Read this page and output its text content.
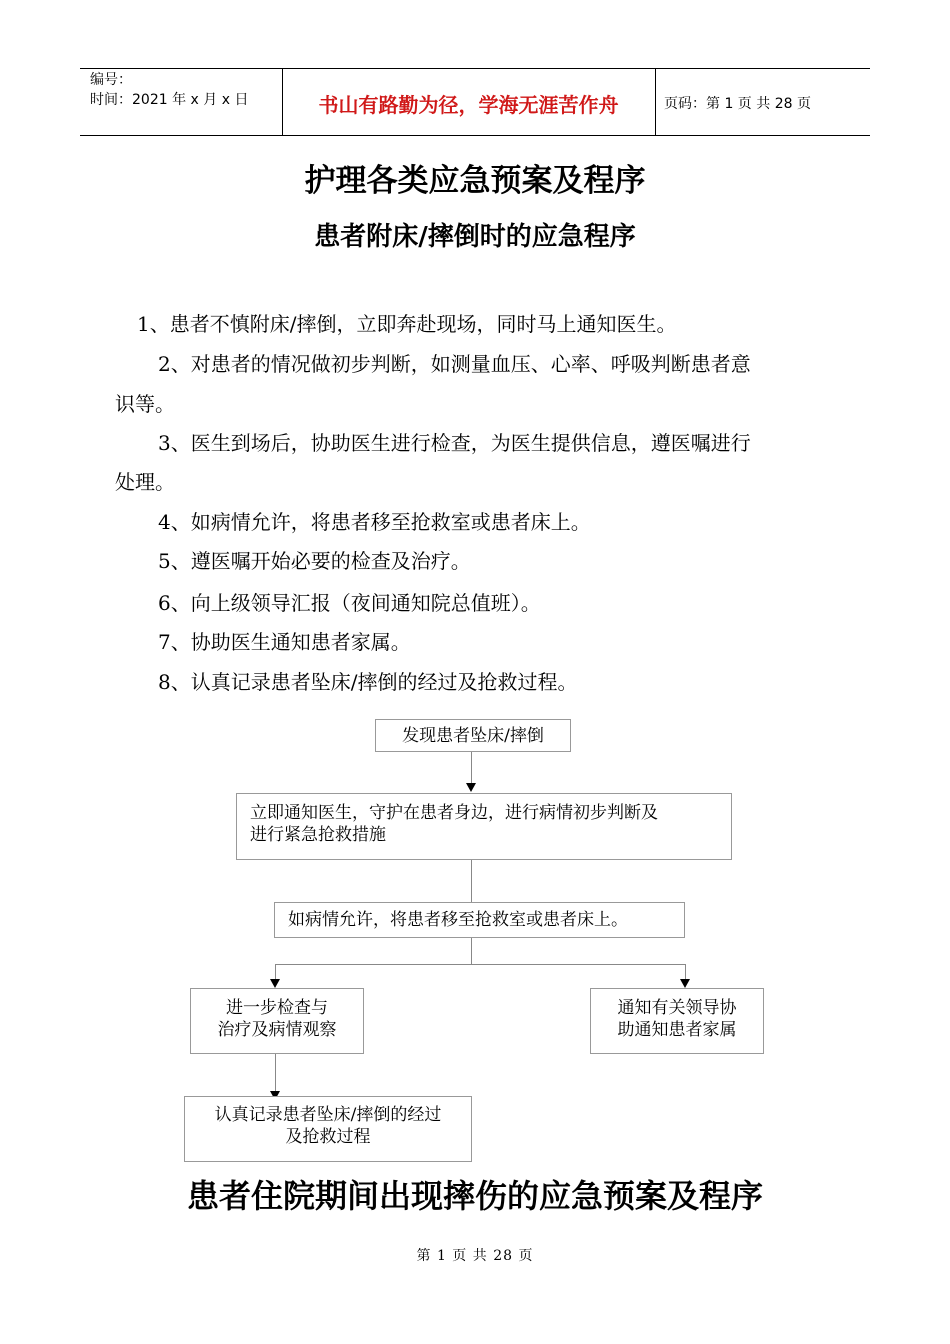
编号：
时间：2021 年 x 月 x 日	书山有路勤为径，学海无涯苦作舟	页码：第 1 页 共 28 页
护理各类应急预案及程序
患者附床/摔倒时的应急程序
1、患者不慎附床/摔倒，立即奔赴现场，同时马上通知医生。
2、对患者的情况做初步判断，如测量血压、心率、呼吸判断患者意
识等。
3、医生到场后，协助医生进行检查，为医生提供信息，遵医嘱进行
处理。
4、如病情允许，将患者移至抢救室或患者床上。
5、遵医嘱开始必要的检查及治疗。
6、向上级领导汇报（夜间通知院总值班）。
7、协助医生通知患者家属。
8、认真记录患者坠床/摔倒的经过及抢救过程。
发现患者坠床/摔倒
立即通知医生，守护在患者身边，进行病情初步判断及
进行紧急抢救措施
如病情允许，将患者移至抢救室或患者床上。
进一步检查与
治疗及病情观察
通知有关领导协
助通知患者家属
认真记录患者坠床/摔倒的经过
及抢救过程
患者住院期间出现摔伤的应急预案及程序
第 1 页 共 28 页
